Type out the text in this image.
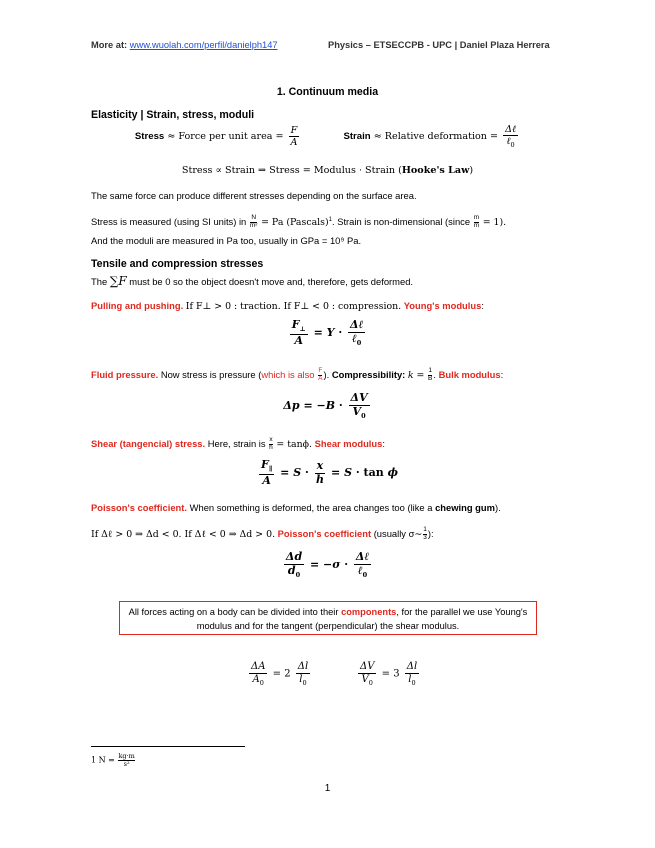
More at: www.wuolah.com/perfil/danielph147	Physics – ETSECCPB - UPC | Daniel Plaza Herrera
1. Continuum media
Elasticity | Strain, stress, moduli
Stress ≈ Force per unit area = $\frac{F}{A}$	Strain ≈ Relative deformation = $\frac{\text{Δℓ}}{\ell_0}$
Stress ∝ Strain ⇒ Stress = Modulus · Strain (Hooke's Law)
The same force can produce different stresses depending on the surface area.
Stress is measured (using SI units) in $\frac{N}{\text{m²}} = Pa$ (Pascals)$^1$. Strain is non-dimensional (since $\frac{m}{m} = 1$).
And the moduli are measured in Pa too, usually in GPa = 10⁹ Pa.
Tensile and compression stresses
The ∑F must be 0 so the object doesn't move and, therefore, gets deformed.
Pulling and pushing. If F⊥ > 0 : traction. If F⊥ < 0 : compression. Young's modulus:
$\frac{F_\perp}{A} = Y \cdot \frac{\text{Δℓ}}{\ell_0}$
Fluid pressure. Now stress is pressure (which is also $\frac{F}{A}$ ). Compressibility: $k = \frac{1}{B}$ . Bulk modulus:
$\Delta p = -B \cdot \frac{\Delta V}{V_0}$
Shear (tangencial) stress. Here, strain is $\frac{x}{h} = \tan\phi$. Shear modulus:
$\frac{F_\parallel}{A} = S \cdot \frac{x}{h} = S \cdot \tan \phi$
Poisson's coefficient. When something is deformed, the area changes too (like a chewing gum).
If Δℓ > 0 ⇒ Δd < 0. If Δℓ < 0 ⇒ Δd > 0. Poisson's coefficient (usually σ∼ $\frac{1}{3}$ ):
$\frac{\Delta d}{d_0} = -\sigma \cdot \frac{\text{Δℓ}}{\ell_0}$
All forces acting on a body can be divided into their components, for the parallel we use Young's modulus and for the tangent (perpendicular) the shear modulus.
$\frac{\Delta A}{A_0} = 2 \frac{\Delta l}{l_0}$	$\frac{\Delta V}{V_0} = 3 \frac{\Delta l}{l_0}$
1 $N = \frac{kg\cdot m}{\text{s²}}$
1
